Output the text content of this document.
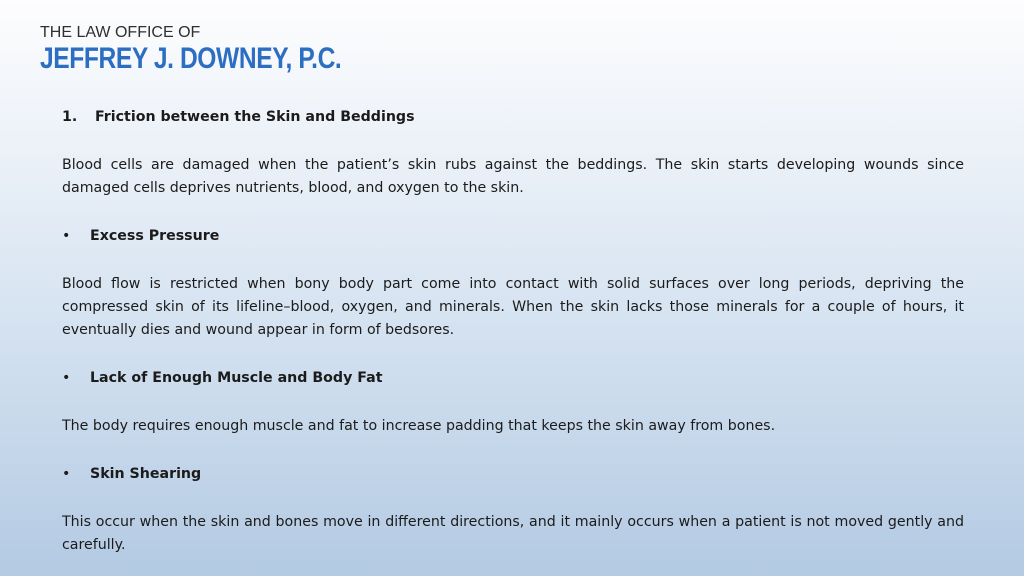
THE LAW OFFICE OF
JEFFREY J. DOWNEY, P.C.
1.	Friction between the Skin and Beddings

Blood cells are damaged when the patient’s skin rubs against the beddings. The skin starts developing wounds since damaged cells deprives nutrients, blood, and oxygen to the skin.

•	Excess Pressure

Blood flow is restricted when bony body part come into contact with solid surfaces over long periods, depriving the compressed skin of its lifeline–blood, oxygen, and minerals. When the skin lacks those minerals for a couple of hours, it eventually dies and wound appear in form of bedsores.

•	Lack of Enough Muscle and Body Fat

The body requires enough muscle and fat to increase padding that keeps the skin away from bones.

•	Skin Shearing

This occur when the skin and bones move in different directions, and it mainly occurs when a patient is not moved gently and carefully.
